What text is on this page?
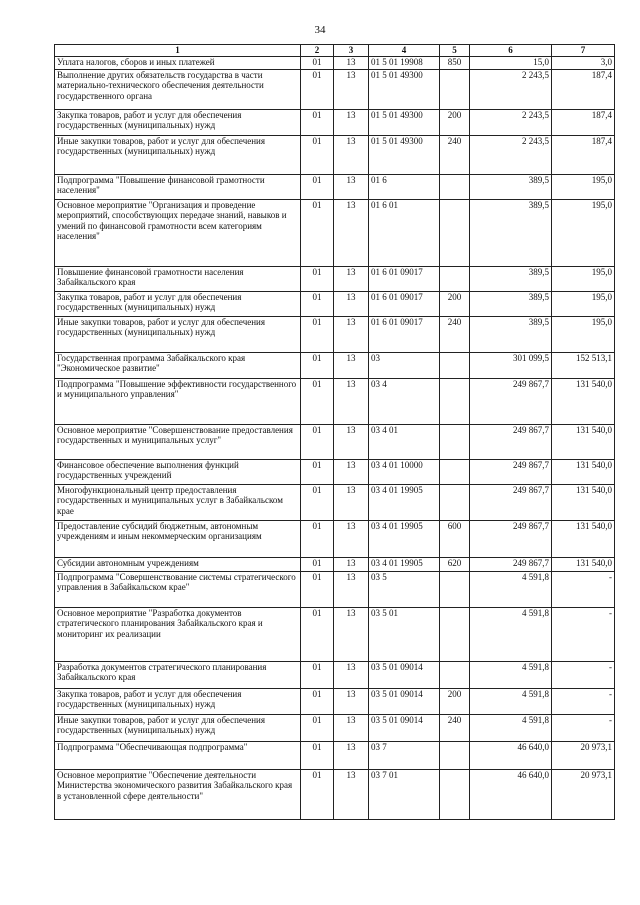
34
1	2	3	4	5	6	7
Уплата налогов, сборов и иных платежей	01	13	01 5 01 19908	850	15,0	3,0
Выполнение других обязательств государства в части материально-технического обеспечения деятельности государственного органа	01	13	01 5 01 49300		2 243,5	187,4
Закупка товаров, работ и услуг для обеспечения государственных (муниципальных) нужд	01	13	01 5 01 49300	200	2 243,5	187,4
Иные закупки товаров, работ и услуг для обеспечения государственных (муниципальных) нужд	01	13	01 5 01 49300	240	2 243,5	187,4
Подпрограмма "Повышение финансовой грамотности населения"	01	13	01 6		389,5	195,0
Основное мероприятие "Организация и проведение мероприятий, способствующих передаче знаний, навыков и умений по финансовой грамотности всем категориям населения"	01	13	01 6 01		389,5	195,0
Повышение финансовой грамотности населения Забайкальского края	01	13	01 6 01 09017		389,5	195,0
Закупка товаров, работ и услуг для обеспечения государственных (муниципальных) нужд	01	13	01 6 01 09017	200	389,5	195,0
Иные закупки товаров, работ и услуг для обеспечения государственных (муниципальных) нужд	01	13	01 6 01 09017	240	389,5	195,0
Государственная программа Забайкальского края "Экономическое развитие"	01	13	03		301 099,5	152 513,1
Подпрограмма "Повышение эффективности государственного и муниципального управления"	01	13	03 4		249 867,7	131 540,0
Основное мероприятие "Совершенствование предоставления государственных и муниципальных услуг"	01	13	03 4 01		249 867,7	131 540,0
Финансовое обеспечение выполнения функций государственных учреждений	01	13	03 4 01 10000		249 867,7	131 540,0
Многофункциональный центр предоставления государственных и муниципальных услуг в Забайкальском крае	01	13	03 4 01 19905		249 867,7	131 540,0
Предоставление субсидий бюджетным, автономным учреждениям и иным некоммерческим организациям	01	13	03 4 01 19905	600	249 867,7	131 540,0
Субсидии автономным учреждениям	01	13	03 4 01 19905	620	249 867,7	131 540,0
Подпрограмма "Совершенствование системы стратегического управления в Забайкальском крае"	01	13	03 5		4 591,8	-
Основное мероприятие "Разработка документов стратегического планирования Забайкальского края и мониторинг их реализации	01	13	03 5 01		4 591,8	-
Разработка документов стратегического планирования Забайкальского края	01	13	03 5 01 09014		4 591,8	-
Закупка товаров, работ и услуг для обеспечения государственных (муниципальных) нужд	01	13	03 5 01 09014	200	4 591,8	-
Иные закупки товаров, работ и услуг для обеспечения государственных (муниципальных) нужд	01	13	03 5 01 09014	240	4 591,8	-
Подпрограмма "Обеспечивающая подпрограмма"	01	13	03 7		46 640,0	20 973,1
Основное мероприятие "Обеспечение деятельности Министерства экономического развития Забайкальского края в установленной сфере деятельности"	01	13	03 7 01		46 640,0	20 973,1
